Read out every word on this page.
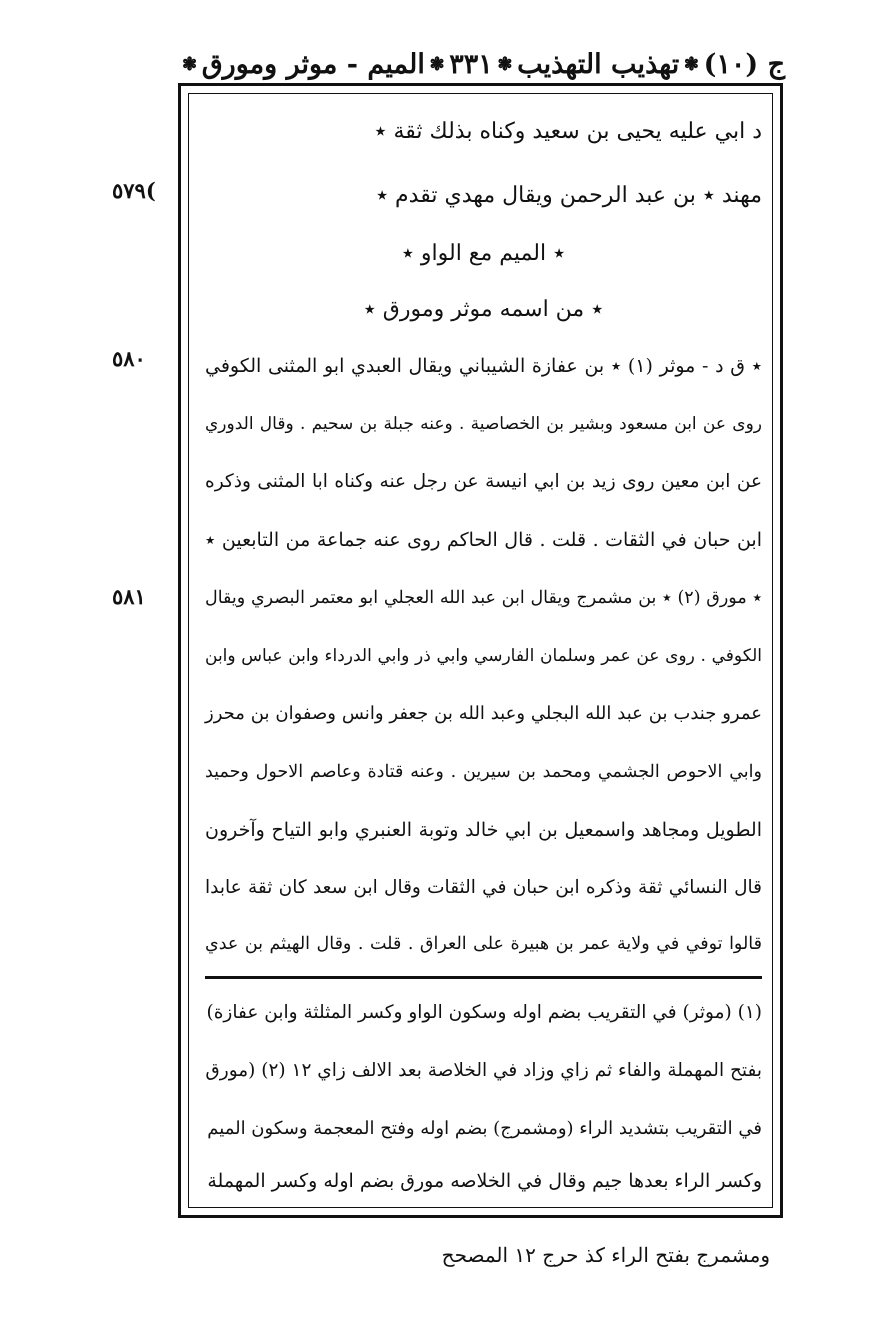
ج (١٠)
❃
تهذيب التهذيب
❃
٣٣١
❃
الميم - موثر ومورق
❃
د ابي عليه يحيى بن سعيد وكناه بذلك ثقة ٭
مهند ٭ بن عبد الرحمن ويقال مهدي تقدم ٭
٭ الميم مع الواو ٭
٭ من اسمه موثر ومورق ٭
٭ ق د - موثر (١) ٭ بن عفازة الشيباني ويقال العبدي ابو المثنى الكوفي
روى عن ابن مسعود وبشير بن الخصاصية . وعنه جبلة بن سحيم . وقال الدوري
عن ابن معين روى زيد بن ابي انيسة عن رجل عنه وكناه ابا المثنى وذكره
ابن حبان في الثقات . قلت . قال الحاكم روى عنه جماعة من التابعين ٭
٭ مورق (٢) ٭ بن مشمرج ويقال ابن عبد الله العجلي ابو معتمر البصري ويقال
الكوفي . روى عن عمر وسلمان الفارسي وابي ذر وابي الدرداء وابن عباس وابن
عمرو جندب بن عبد الله البجلي وعبد الله بن جعفر وانس وصفوان بن محرز
وابي الاحوص الجشمي ومحمد بن سيرين . وعنه قتادة وعاصم الاحول وحميد
الطويل ومجاهد واسمعيل بن ابي خالد وتوبة العنبري وابو التياح وآخرون
قال النسائي ثقة وذكره ابن حبان في الثقات وقال ابن سعد كان ثقة عابدا
قالوا توفي في ولاية عمر بن هبيرة على العراق . قلت . وقال الهيثم بن عدي
٥٧٩(
٥٨٠
٥٨١
(١) (موثر) في التقريب بضم اوله وسكون الواو وكسر المثلثة وابن عفازة)
بفتح المهملة والفاء ثم زاي وزاد في الخلاصة بعد الالف زاي ١٢ (٢) (مورق
في التقريب بتشديد الراء (ومشمرج) بضم اوله وفتح المعجمة وسكون الميم
وكسر الراء بعدها جيم وقال في الخلاصه مورق بضم اوله وكسر المهملة
ومشمرج بفتح الراء كذ حرج ١٢ المصحح
